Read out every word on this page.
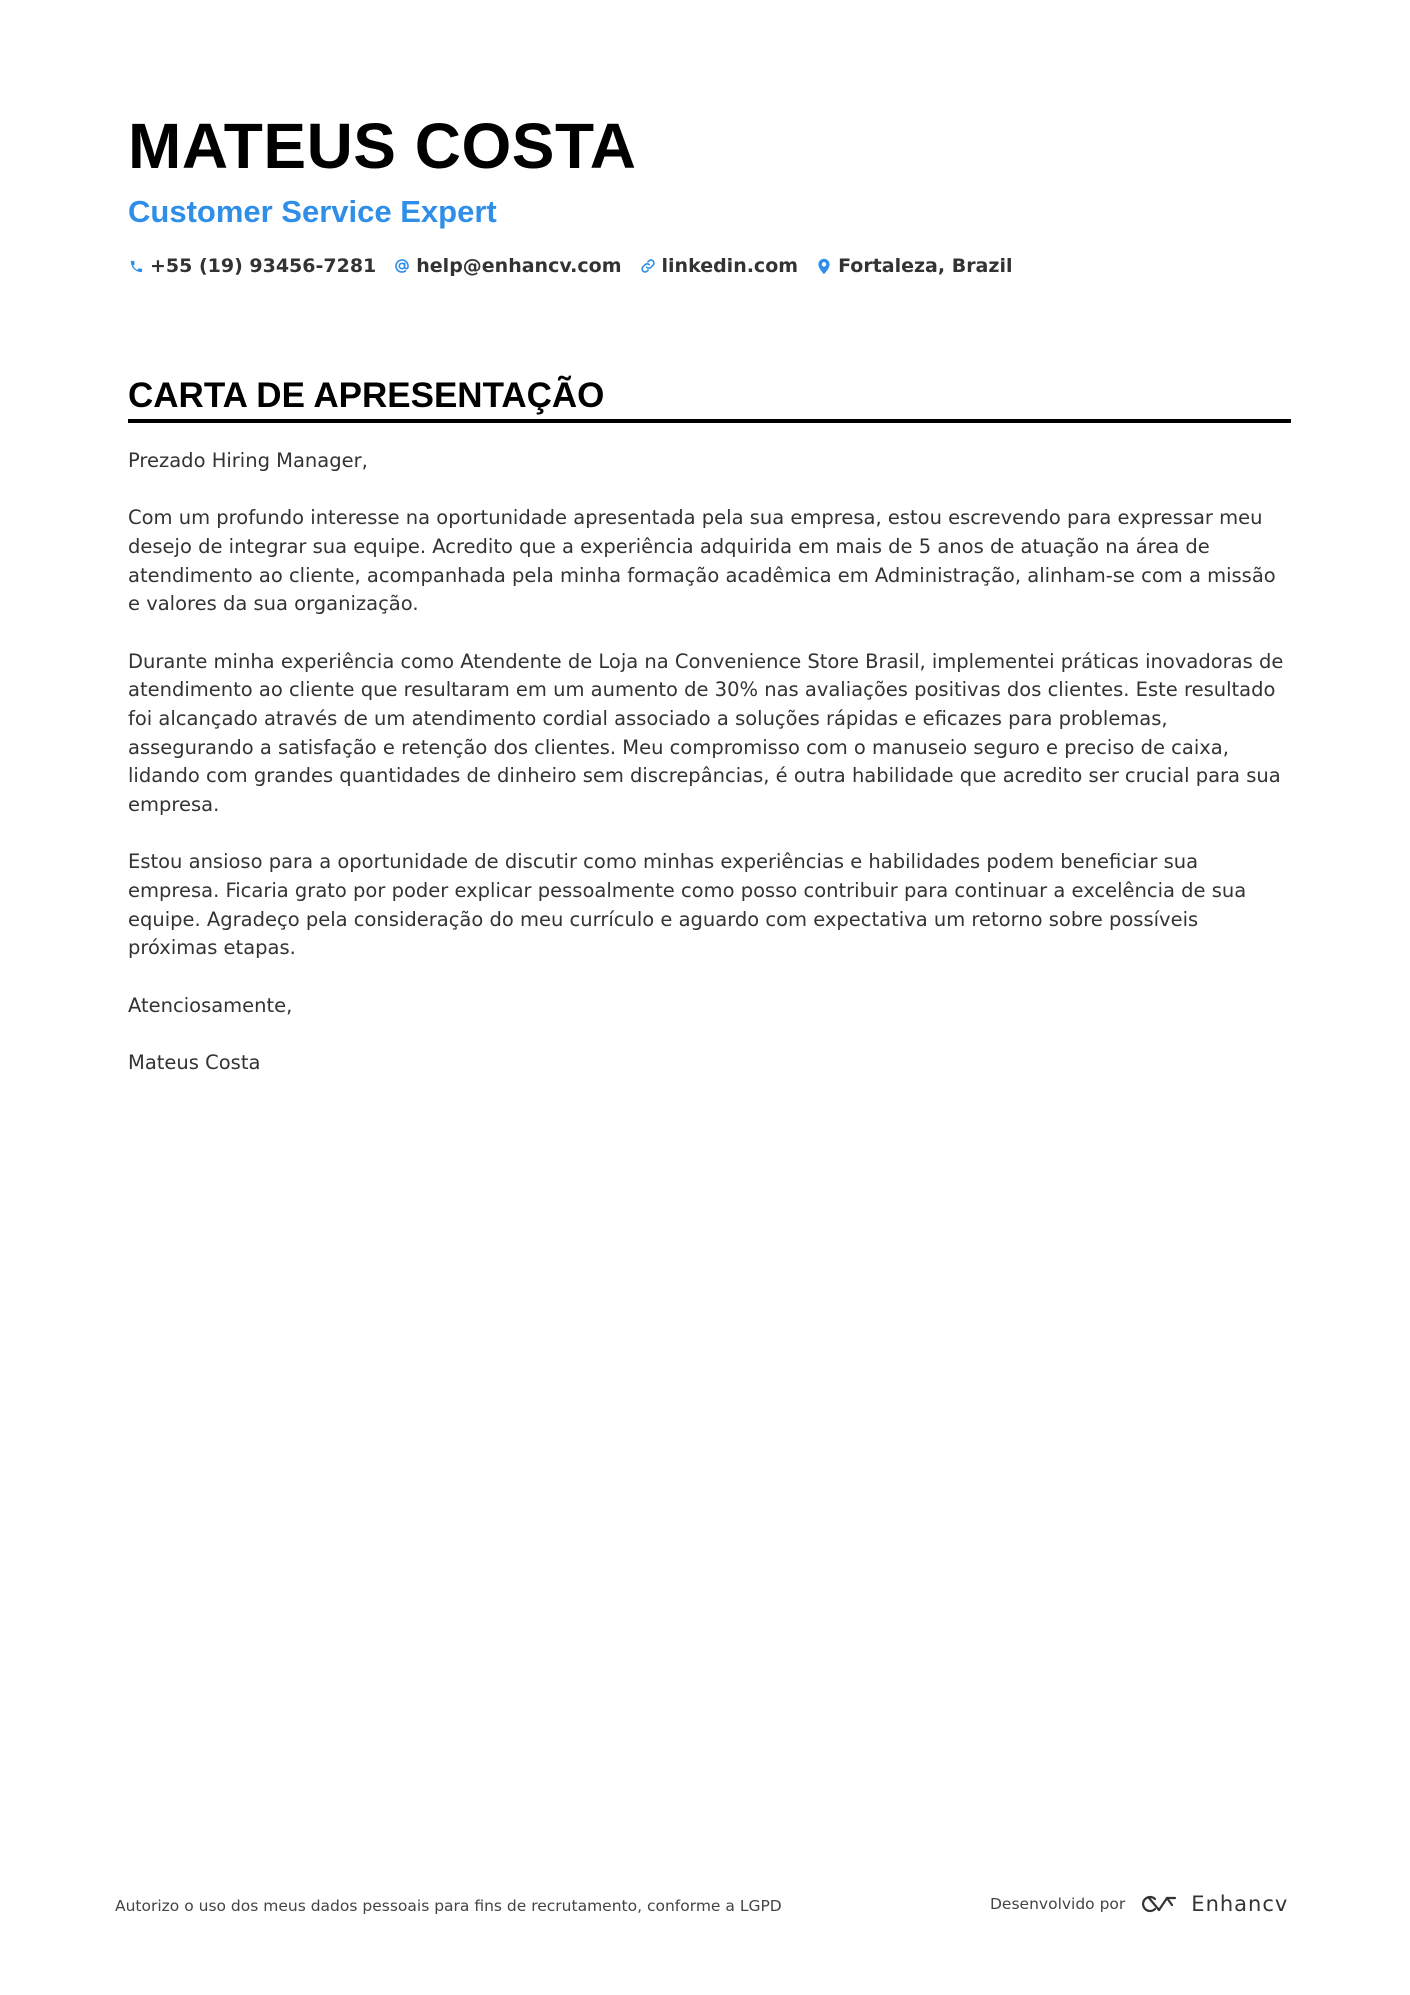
MATEUS COSTA
Customer Service Expert
+55 (19) 93456-7281 help@enhancv.com linkedin.com Fortaleza, Brazil
CARTA DE APRESENTAÇÃO

Prezado Hiring Manager,

Com um profundo interesse na oportunidade apresentada pela sua empresa, estou escrevendo para expressar meu desejo de integrar sua equipe. Acredito que a experiência adquirida em mais de 5 anos de atuação na área de atendimento ao cliente, acompanhada pela minha formação acadêmica em Administração, alinham-se com a missão e valores da sua organização.

Durante minha experiência como Atendente de Loja na Convenience Store Brasil, implementei práticas inovadoras de atendimento ao cliente que resultaram em um aumento de 30% nas avaliações positivas dos clientes. Este resultado foi alcançado através de um atendimento cordial associado a soluções rápidas e eficazes para problemas, assegurando a satisfação e retenção dos clientes. Meu compromisso com o manuseio seguro e preciso de caixa, lidando com grandes quantidades de dinheiro sem discrepâncias, é outra habilidade que acredito ser crucial para sua empresa.

Estou ansioso para a oportunidade de discutir como minhas experiências e habilidades podem beneficiar sua empresa. Ficaria grato por poder explicar pessoalmente como posso contribuir para continuar a excelência de sua equipe. Agradeço pela consideração do meu currículo e aguardo com expectativa um retorno sobre possíveis próximas etapas.

Atenciosamente,

Mateus Costa

Autorizo o uso dos meus dados pessoais para fins de recrutamento, conforme a LGPD	Desenvolvido por	Enhancv
